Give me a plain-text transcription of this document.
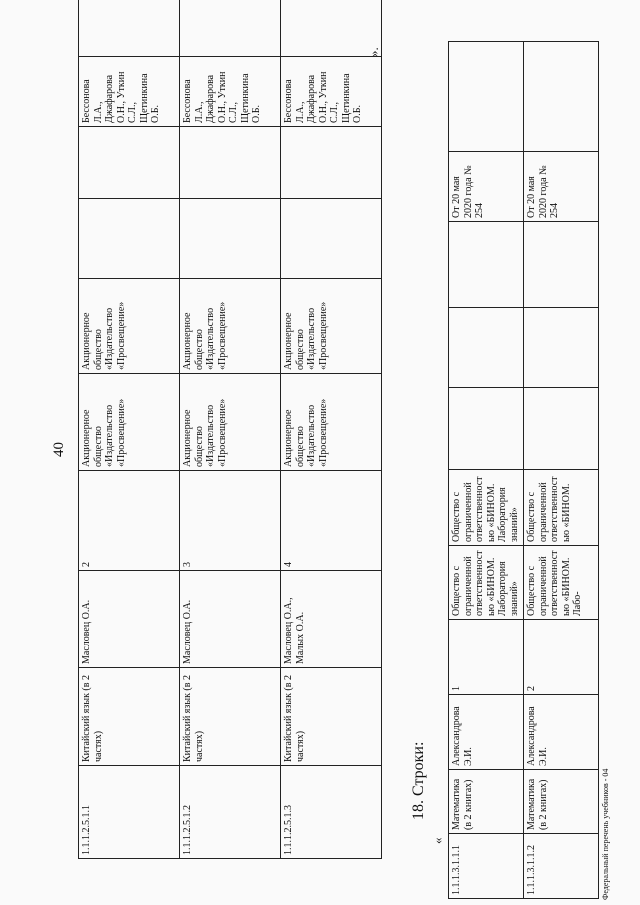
40
1.1.1.2.5.1.1	Китайский язык (в 2 частях)	Масловец О.А.	2	Акционерное общество «Издательство «Просвещение»	Акционерное общество «Издательство «Просвещение»			Бессонова Л.А., Джафарова О.Н., Уткин С.Л., Щетинкина О.Б.		
1.1.1.2.5.1.2	Китайский язык (в 2 частях)	Масловец О.А.	3	Акционерное общество «Издательство «Просвещение»	Акционерное общество «Издательство «Просвещение»			Бессонова Л.А., Джафарова О.Н., Уткин С.Л., Щетинкина О.Б.		
1.1.1.2.5.1.3	Китайский язык (в 2 частях)	Масловец О.А., Малых О.А.	4	Акционерное общество «Издательство «Просвещение»	Акционерное общество «Издательство «Просвещение»			Бессонова Л.А., Джафарова О.Н., Уткин С.Л., Щетинкина О.Б.		
».
18. Строки:
«
1.1.1.3.1.1.1	Математика (в 2 книгах)	Александрова Э.И.	1	Общество с ограниченной ответственностью «БИНОМ. Лаборатория знаний»	Общество с ограниченной ответственностью «БИНОМ. Лаборатория знаний»				От 20 мая 2020 года № 254	
1.1.1.3.1.1.2	Математика (в 2 книгах)	Александрова Э.И.	2	Общество с ограниченной ответственностью «БИНОМ. Лабо-	Общество с ограниченной ответственностью «БИНОМ.				От 20 мая 2020 года № 254	
Федеральный перечень учебников - 04
